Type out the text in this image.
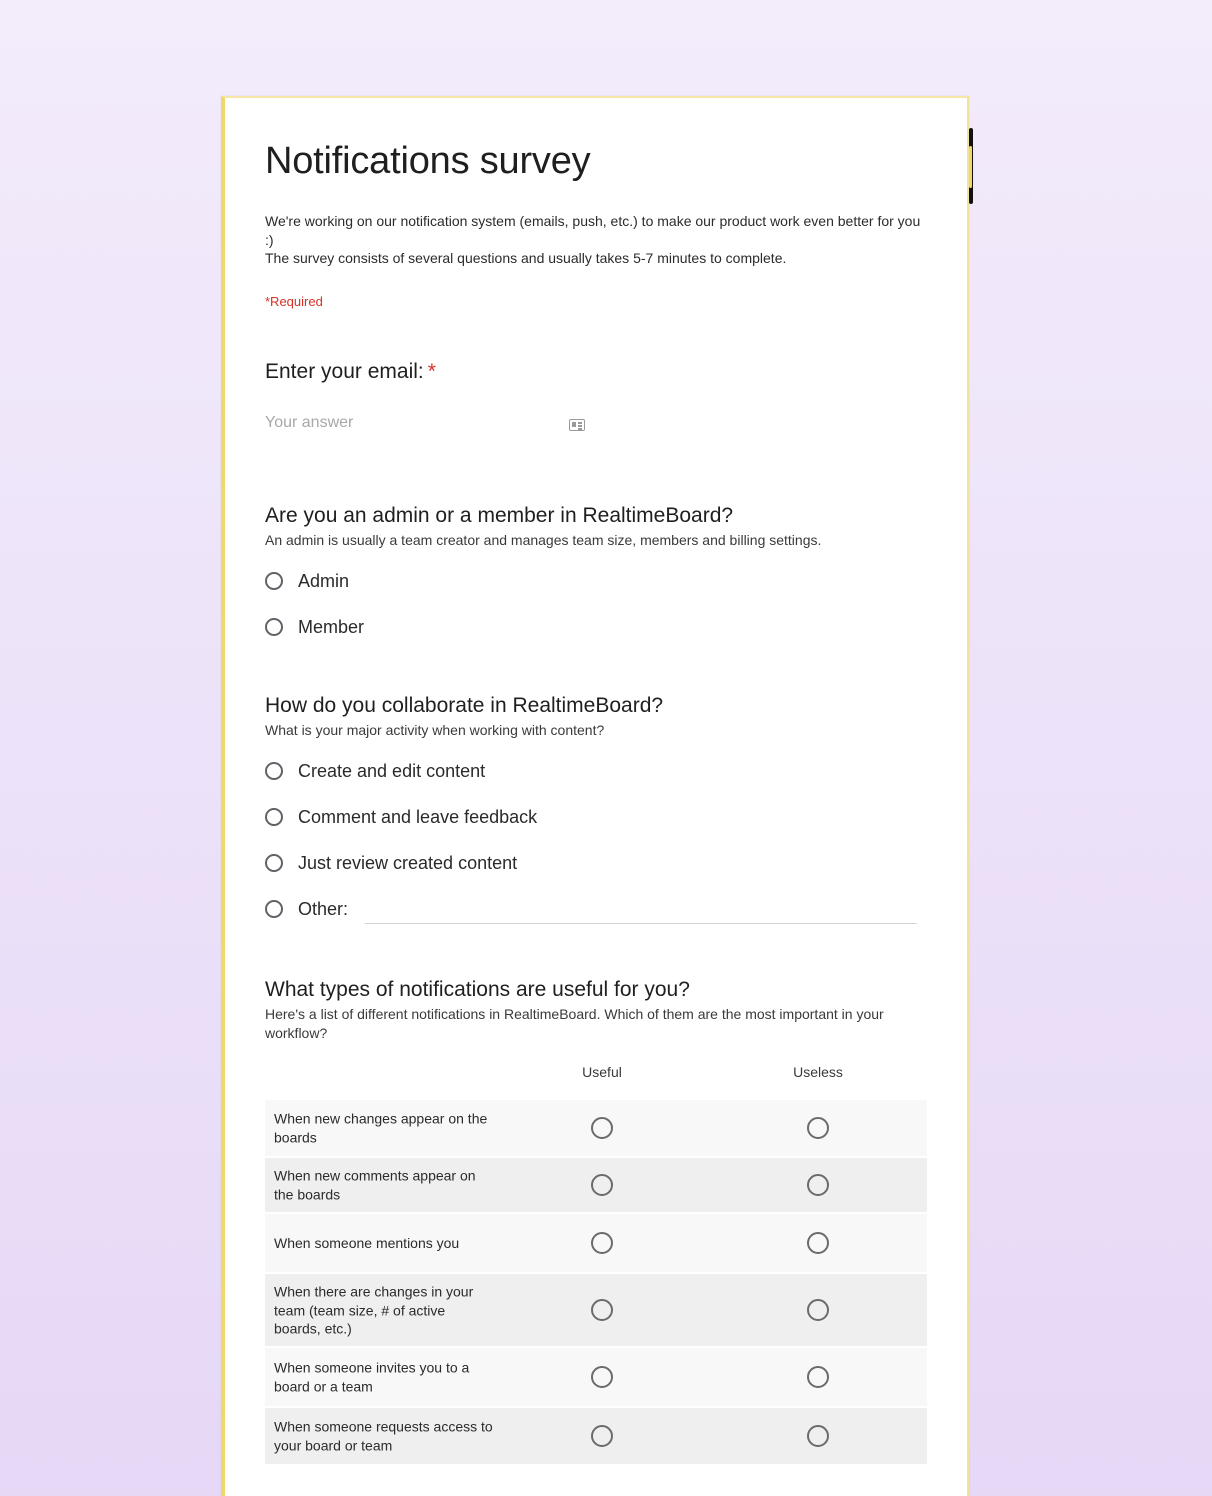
Notifications survey
We're working on our notification system (emails, push, etc.) to make our product work even better for you :)
The survey consists of several questions and usually takes 5-7 minutes to complete.
*Required
Enter your email: *
Your answer
Are you an admin or a member in RealtimeBoard?
An admin is usually a team creator and manages team size, members and billing settings.
Admin
Member
How do you collaborate in RealtimeBoard?
What is your major activity when working with content?
Create and edit content
Comment and leave feedback
Just review created content
Other:
What types of notifications are useful for you?
Here's a list of different notifications in RealtimeBoard. Which of them are the most important in your workflow?
Useful	Useless
When new changes appear on the boards
When new comments appear on the boards
When someone mentions you
When there are changes in your team (team size, # of active boards, etc.)
When someone invites you to a board or a team
When someone requests access to your board or team
